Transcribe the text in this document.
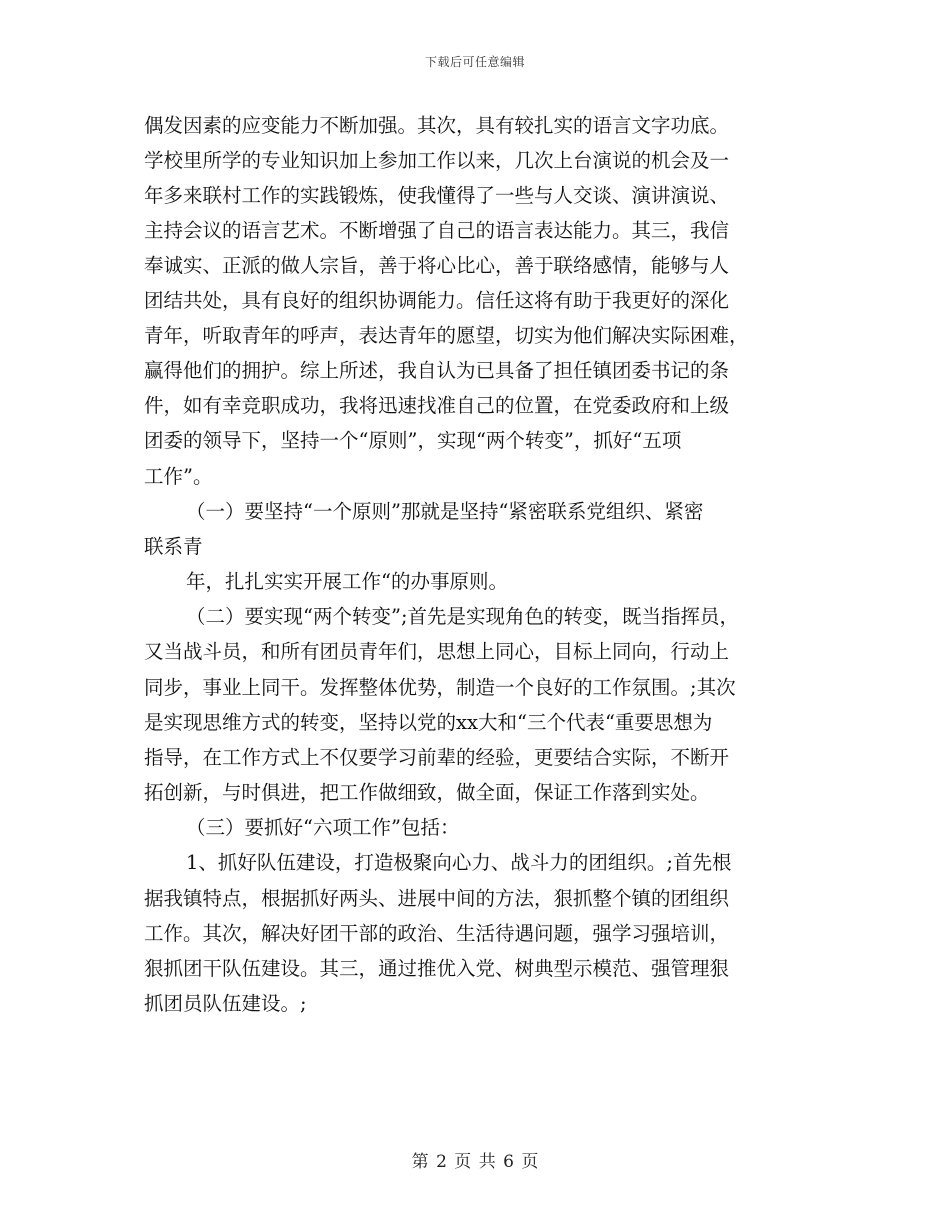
下载后可任意编辑
偶发因素的应变能力不断加强。其次，具有较扎实的语言文字功底。
学校里所学的专业知识加上参加工作以来，几次上台演说的机会及一
年多来联村工作的实践锻炼，使我懂得了一些与人交谈、演讲演说、
主持会议的语言艺术。不断增强了自己的语言表达能力。其三，我信
奉诚实、正派的做人宗旨，善于将心比心，善于联络感情，能够与人
团结共处，具有良好的组织协调能力。信任这将有助于我更好的深化
青年，听取青年的呼声，表达青年的愿望，切实为他们解决实际困难，
赢得他们的拥护。综上所述，我自认为已具备了担任镇团委书记的条
件，如有幸竞职成功，我将迅速找准自己的位置，在党委政府和上级
团委的领导下，坚持一个“原则”，实现“两个转变”，抓好“五项
工作”。
（一）要坚持“一个原则”那就是坚持“紧密联系党组织、紧密
联系青
年，扎扎实实开展工作“的办事原则。
（二）要实现“两个转变”;首先是实现角色的转变，既当指挥员，
又当战斗员，和所有团员青年们，思想上同心，目标上同向，行动上
同步，事业上同干。发挥整体优势，制造一个良好的工作氛围。;其次
是实现思维方式的转变，坚持以党的xx大和“三个代表“重要思想为
指导，在工作方式上不仅要学习前辈的经验，更要结合实际，不断开
拓创新，与时俱进，把工作做细致，做全面，保证工作落到实处。
（三）要抓好“六项工作”包括：
1、抓好队伍建设，打造极聚向心力、战斗力的团组织。;首先根
据我镇特点，根据抓好两头、进展中间的方法，狠抓整个镇的团组织
工作。其次，解决好团干部的政治、生活待遇问题，强学习强培训，
狠抓团干队伍建设。其三，通过推优入党、树典型示模范、强管理狠
抓团员队伍建设。;
第 2 页 共 6 页
